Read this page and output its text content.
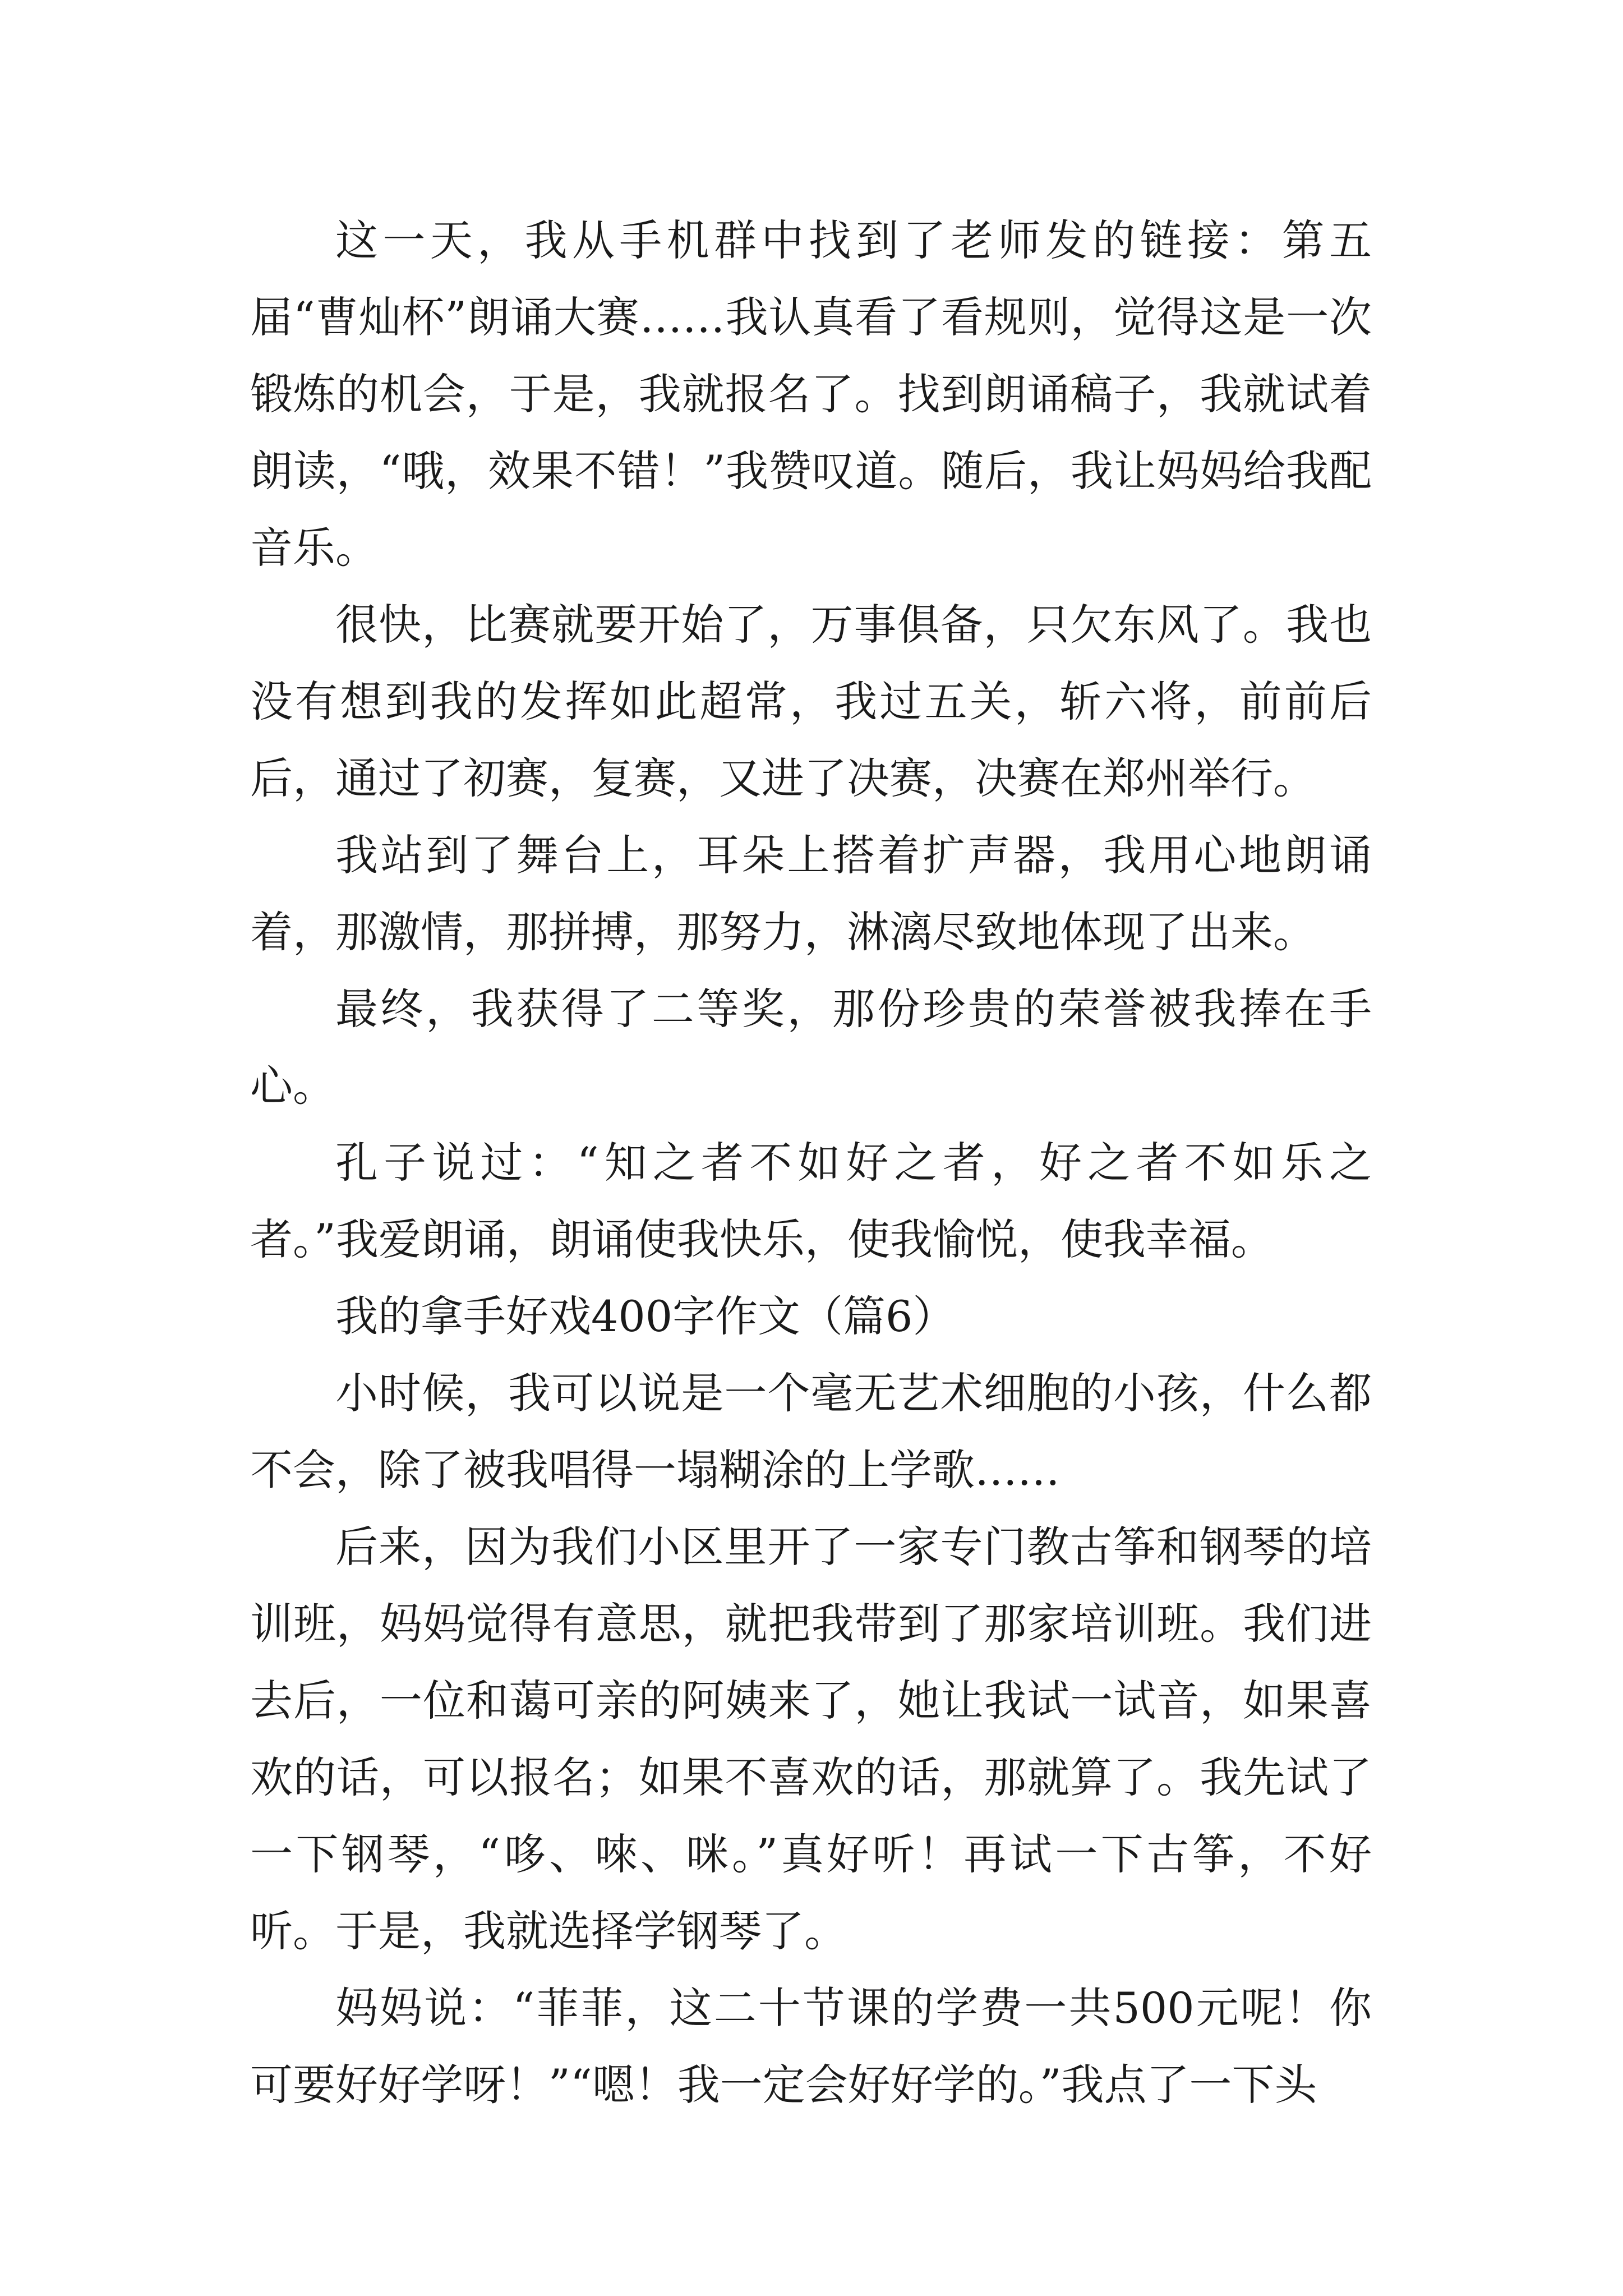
这一天，我从手机群中找到了老师发的链接：第五届“曹灿杯”朗诵大赛……我认真看了看规则，觉得这是一次锻炼的机会，于是，我就报名了。找到朗诵稿子，我就试着朗读，“哦，效果不错！”我赞叹道。随后，我让妈妈给我配音乐。

很快，比赛就要开始了，万事俱备，只欠东风了。我也没有想到我的发挥如此超常，我过五关，斩六将，前前后后，通过了初赛，复赛，又进了决赛，决赛在郑州举行。

我站到了舞台上，耳朵上搭着扩声器，我用心地朗诵着，那激情，那拼搏，那努力，淋漓尽致地体现了出来。

最终，我获得了二等奖，那份珍贵的荣誉被我捧在手心。

孔子说过：“知之者不如好之者，好之者不如乐之者。”我爱朗诵，朗诵使我快乐，使我愉悦，使我幸福。

我的拿手好戏400字作文（篇6）

小时候，我可以说是一个毫无艺术细胞的小孩，什么都不会，除了被我唱得一塌糊涂的上学歌……

后来，因为我们小区里开了一家专门教古筝和钢琴的培训班，妈妈觉得有意思，就把我带到了那家培训班。我们进去后，一位和蔼可亲的阿姨来了，她让我试一试音，如果喜欢的话，可以报名；如果不喜欢的话，那就算了。我先试了一下钢琴，“哆、唻、咪。”真好听！再试一下古筝，不好听。于是，我就选择学钢琴了。

妈妈说：“菲菲，这二十节课的学费一共500元呢！你可要好好学呀！”“嗯！我一定会好好学的。”我点了一下头
